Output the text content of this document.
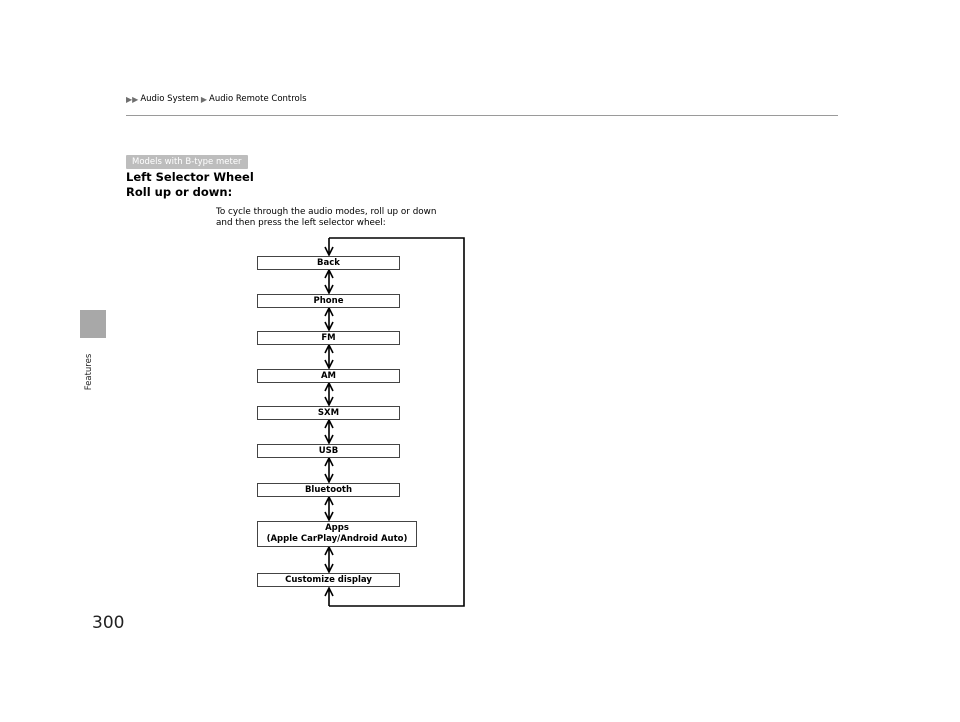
Features
▶▶ Audio System ▶ Audio Remote Controls
Models with B-type meter
Left Selector Wheel
Roll up or down:
To cycle through the audio modes, roll up or down
and then press the left selector wheel:
Back
Phone
FM
AM
SXM
USB
Bluetooth
Apps
(Apple CarPlay/Android Auto)
Customize display
300
